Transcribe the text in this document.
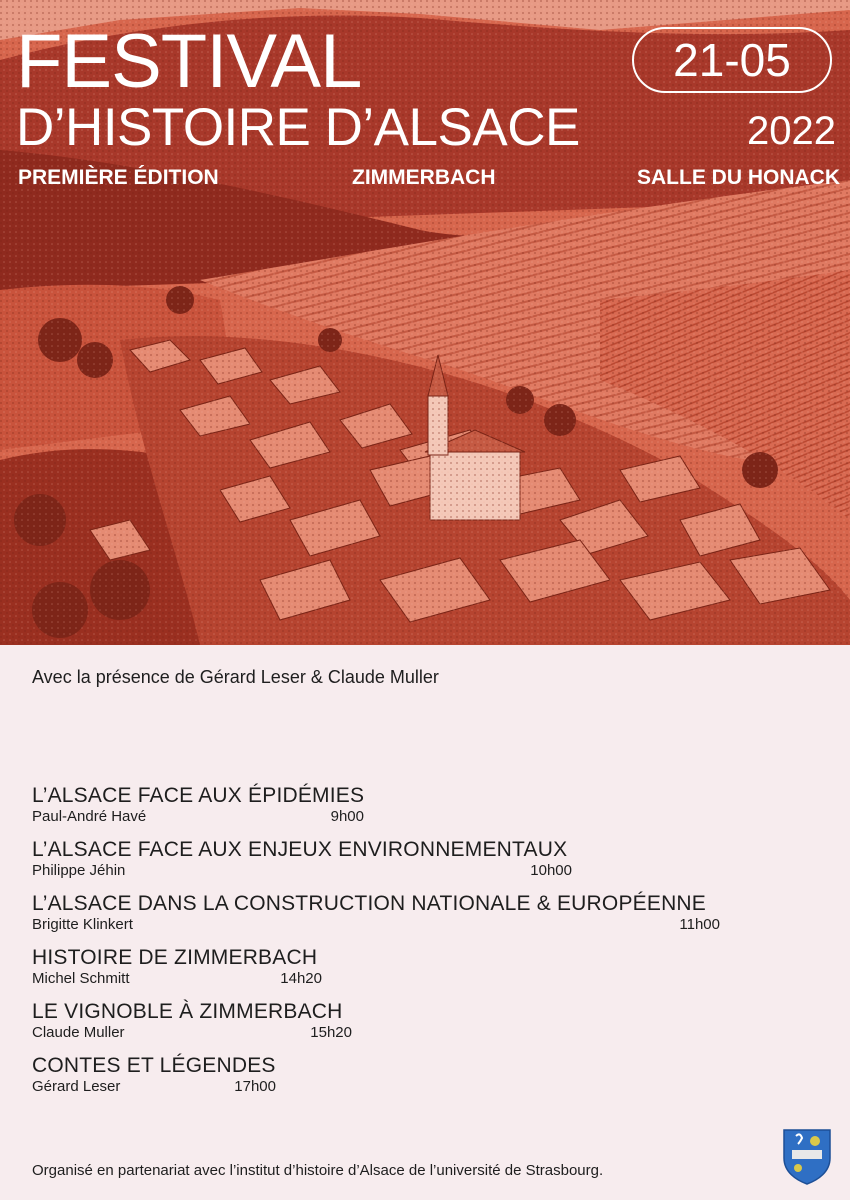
FESTIVAL
D’HISTOIRE D’ALSACE
21-05
2022

PREMIÈRE ÉDITION	ZIMMERBACH	SALLE DU HONACK

Avec la présence de Gérard Leser & Claude Muller

L’ALSACE FACE AUX ÉPIDÉMIES
Paul-André Havé	9h00
L’ALSACE FACE AUX ENJEUX ENVIRONNEMENTAUX
Philippe Jéhin	10h00
L’ALSACE DANS LA CONSTRUCTION NATIONALE & EUROPÉENNE
Brigitte Klinkert	11h00
HISTOIRE DE ZIMMERBACH
Michel Schmitt	14h20
LE VIGNOBLE À ZIMMERBACH
Claude Muller	15h20
CONTES ET LÉGENDES
Gérard Leser	17h00

Organisé en partenariat avec l’institut d’histoire d’Alsace de l’université de Strasbourg.
